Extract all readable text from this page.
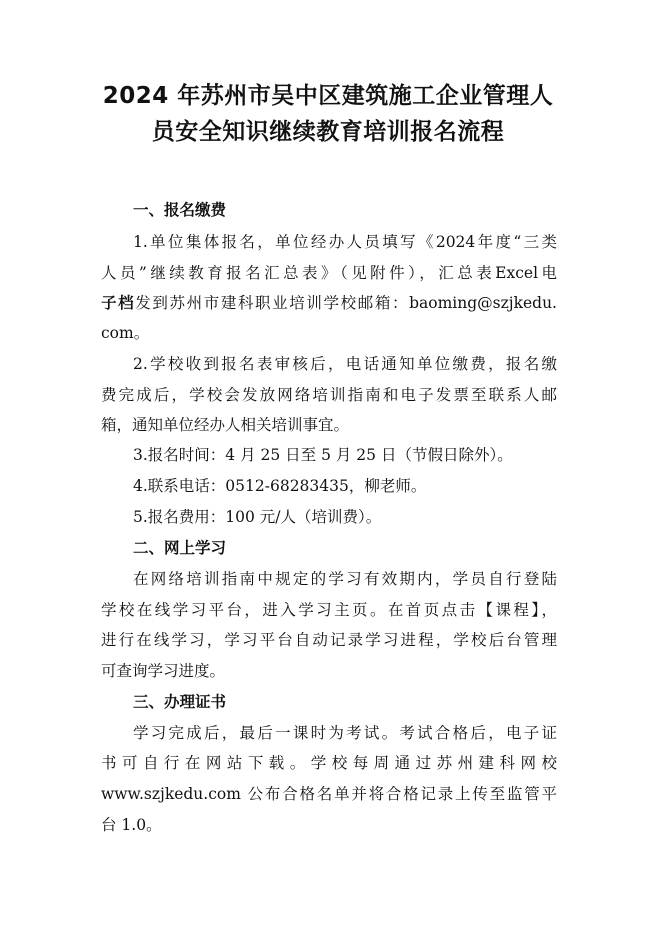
2024 年苏州市吴中区建筑施工企业管理人
员安全知识继续教育培训报名流程
一、报名缴费
1.单位集体报名，单位经办人员填写《2024年度“三类
人员”继续教育报名汇总表》（见附件），汇总表Excel电
子档发到苏州市建科职业培训学校邮箱：baoming@szjkedu.
com。
2.学校收到报名表审核后，电话通知单位缴费，报名缴
费完成后，学校会发放网络培训指南和电子发票至联系人邮
箱，通知单位经办人相关培训事宜。
3.报名时间：4 月 25 日至 5 月 25 日（节假日除外）。
4.联系电话：0512-68283435，柳老师。
5.报名费用：100 元/人（培训费）。
二、网上学习
在网络培训指南中规定的学习有效期内，学员自行登陆
学校在线学习平台，进入学习主页。在首页点击【课程】，
进行在线学习，学习平台自动记录学习进程，学校后台管理
可查询学习进度。
三、办理证书
学习完成后，最后一课时为考试。考试合格后，电子证
书可自行在网站下载。学校每周通过苏州建科网校
www.szjkedu.com 公布合格名单并将合格记录上传至监管平
台 1.0。
